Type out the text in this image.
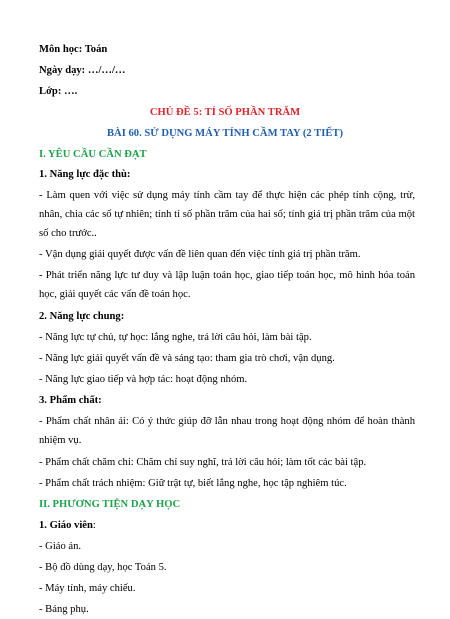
Môn học: Toán
Ngày dạy: …/…/…
Lớp: ….
CHỦ ĐỀ 5: TỈ SỐ PHẦN TRĂM
BÀI 60. SỬ DỤNG MÁY TÍNH CẦM TAY (2 TIẾT)
I. YÊU CẦU CẦN ĐẠT
1. Năng lực đặc thù:
- Làm quen với việc sử dụng máy tính cầm tay để thực hiện các phép tính cộng, trừ, nhân, chia các số tự nhiên; tính tỉ số phần trăm của hai số; tính giá trị phần trăm của một số cho trước..
- Vận dụng giải quyết được vấn đề liên quan đến việc tính giá trị phần trăm.
- Phát triển năng lực tư duy và lập luận toán học, giao tiếp toán học, mô hình hóa toán học, giải quyết các vấn đề toán học.
2. Năng lực chung:
- Năng lực tự chủ, tự học: lắng nghe, trả lời câu hỏi, làm bài tập.
- Năng lực giải quyết vấn đề và sáng tạo: tham gia trò chơi, vận dụng.
- Năng lực giao tiếp và hợp tác: hoạt động nhóm.
3. Phẩm chất:
- Phẩm chất nhân ái: Có ý thức giúp đỡ lẫn nhau trong hoạt động nhóm để hoàn thành nhiệm vụ.
- Phẩm chất chăm chỉ: Chăm chỉ suy nghĩ, trả lời câu hỏi; làm tốt các bài tập.
- Phẩm chất trách nhiệm: Giữ trật tự, biết lắng nghe, học tập nghiêm túc.
II. PHƯƠNG TIỆN DẠY HỌC
1. Giáo viên:
- Giáo án.
- Bộ đồ dùng dạy, học Toán 5.
- Máy tính, máy chiếu.
- Bảng phụ.
